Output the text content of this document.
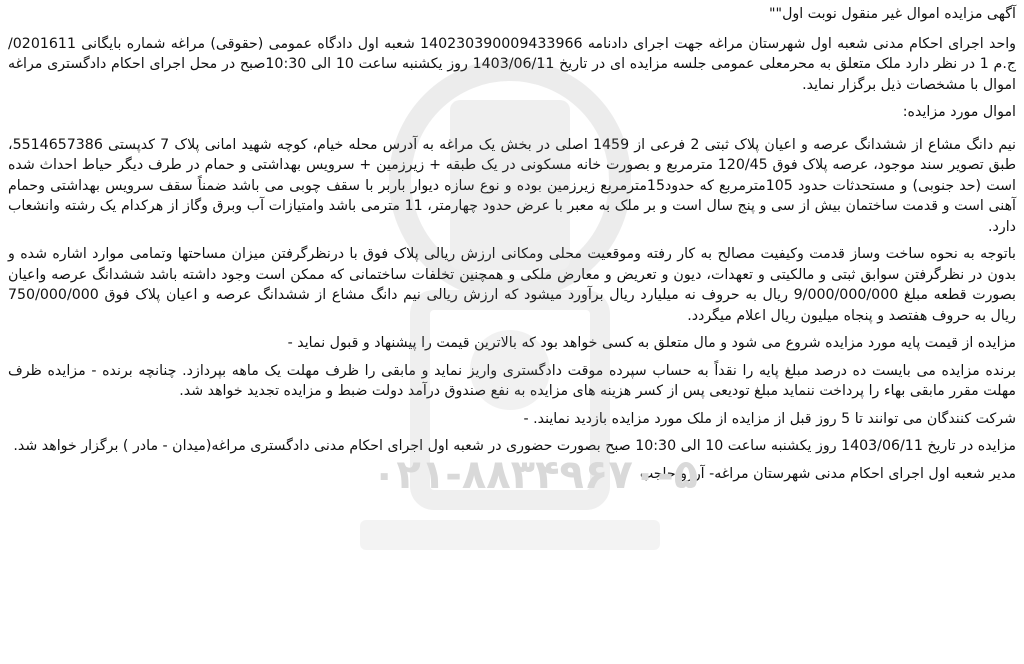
۰۲۱-۸۸۳۴۹۶۷۰-۵

آگهی مزایده اموال غیر منقول نوبت اول""

واحد اجرای احکام مدنی شعبه اول شهرستان مراغه جهت اجرای دادنامه 140230390009433966 شعبه اول دادگاه عمومی (حقوقی) مراغه شماره بایگانی 0201611/ج.م 1 در نظر دارد ملک متعلق به محرمعلی عمومی جلسه مزایده ای در تاریخ 1403/06/11 روز یکشنبه ساعت 10 الی 10:30صبح در محل اجرای احکام دادگستری مراغه اموال با مشخصات ذیل برگزار نماید.

اموال مورد مزایده:

نیم دانگ مشاع از ششدانگ عرصه و اعیان پلاک ثبتی 2 فرعی از 1459 اصلی در بخش یک مراغه به آدرس محله خیام، کوچه شهید امانی پلاک 7 کدپستی 5514657386، طبق تصویر سند موجود، عرصه پلاک فوق 120/45 مترمربع و بصورت خانه مسکونی در یک طبقه + زیرزمین + سرویس بهداشتی و حمام در طرف دیگر حیاط احداث شده است (حد جنوبی) و مستحدثات حدود 105مترمربع که حدود15مترمربع زیرزمین بوده و نوع سازه دیوار باربر با سقف چوبی می باشد ضمناً سقف سرویس بهداشتی وحمام آهنی است و قدمت ساختمان بیش از سی و پنج سال است و بر ملک به معبر با عرض حدود چهارمتر، 11 مترمی باشد وامتیازات آب وبرق وگاز از هرکدام یک رشته وانشعاب دارد.

باتوجه به نحوه ساخت وساز قدمت وکیفیت مصالح به کار رفته وموقعیت محلی ومکانی ارزش ریالی پلاک فوق با درنظرگرفتن میزان مساحتها وتمامی موارد اشاره شده و بدون در نظرگرفتن سوابق ثبتی و مالکیتی و تعهدات، دیون و تعریض و معارض ملکی و همچنین تخلفات ساختمانی که ممکن است وجود داشته باشد ششدانگ عرصه واعیان بصورت قطعه مبلغ 9/000/000/000 ریال به حروف نه میلیارد ریال برآورد میشود که ارزش ریالی نیم دانگ مشاع از ششدانگ عرصه و اعیان پلاک فوق 750/000/000 ریال به حروف هفتصد و پنجاه میلیون ریال اعلام میگردد.

مزایده از قیمت پایه مورد مزایده شروع می شود و مال متعلق به کسی خواهد بود که بالاترین قیمت را پیشنهاد و قبول نماید -

برنده مزایده می بایست ده درصد مبلغ پایه را نقداً به حساب سپرده موقت دادگستری واریز نماید و مابقی را ظرف مهلت یک ماهه بپردازد. چنانچه برنده - مزایده ظرف مهلت مقرر مابقی بهاء را پرداخت ننماید مبلغ تودیعی پس از کسر هزینه های مزایده به نفع صندوق درآمد دولت ضبط و مزایده تجدید خواهد شد.

شرکت کنندگان می توانند تا 5 روز قبل از مزایده از ملک مورد مزایده بازدید نمایند. -

مزایده در تاریخ 1403/06/11 روز یکشنبه ساعت 10 الی 10:30 صبح بصورت حضوری در شعبه اول اجرای احکام مدنی دادگستری مراغه(میدان - مادر ) برگزار خواهد شد.

مدیر شعبه اول اجرای احکام مدنی شهرستان مراغه- آرزو حاجب
